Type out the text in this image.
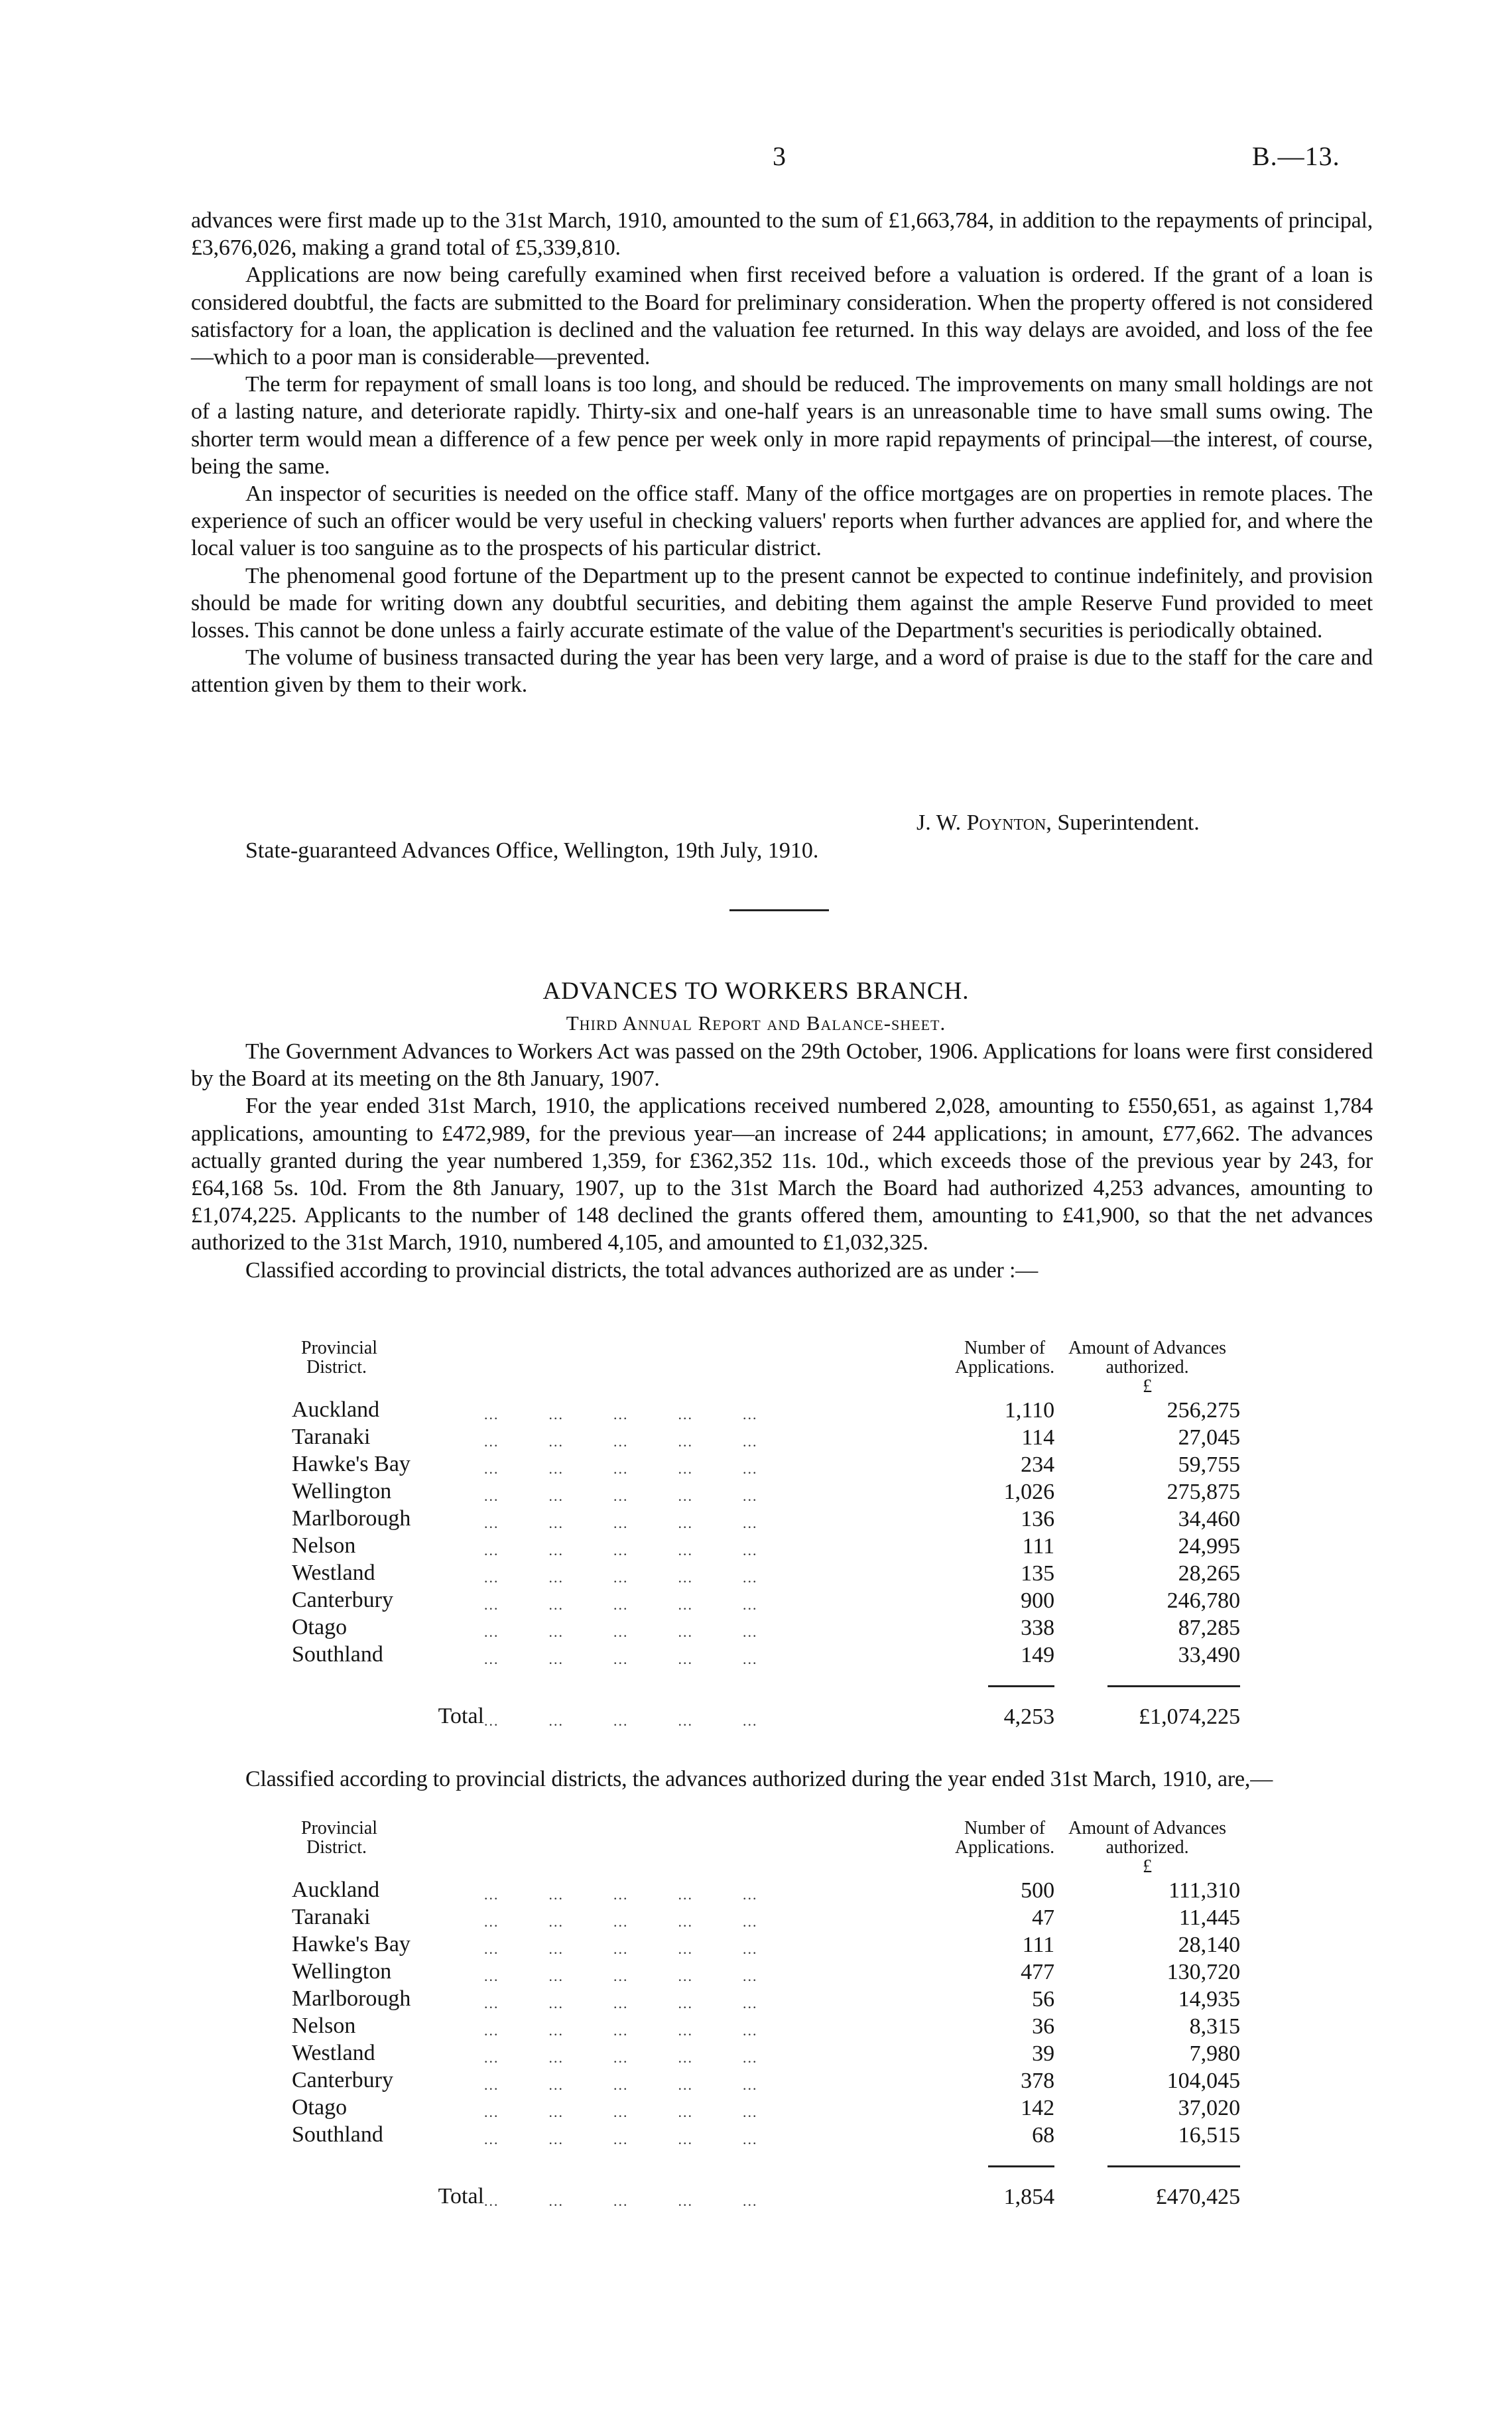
3	B.—13.

advances were first made up to the 31st March, 1910, amounted to the sum of £1,663,784, in addition to the repayments of principal, £3,676,026, making a grand total of £5,339,810.

Applications are now being carefully examined when first received before a valuation is ordered. If the grant of a loan is considered doubtful, the facts are submitted to the Board for preliminary consideration. When the property offered is not considered satisfactory for a loan, the application is declined and the valuation fee returned. In this way delays are avoided, and loss of the fee—which to a poor man is considerable—prevented.

The term for repayment of small loans is too long, and should be reduced. The improvements on many small holdings are not of a lasting nature, and deteriorate rapidly. Thirty-six and one-half years is an unreasonable time to have small sums owing. The shorter term would mean a difference of a few pence per week only in more rapid repayments of principal—the interest, of course, being the same.

An inspector of securities is needed on the office staff. Many of the office mortgages are on properties in remote places. The experience of such an officer would be very useful in checking valuers' reports when further advances are applied for, and where the local valuer is too sanguine as to the prospects of his particular district.

The phenomenal good fortune of the Department up to the present cannot be expected to continue indefinitely, and provision should be made for writing down any doubtful securities, and debiting them against the ample Reserve Fund provided to meet losses. This cannot be done unless a fairly accurate estimate of the value of the Department's securities is periodically obtained.

The volume of business transacted during the year has been very large, and a word of praise is due to the staff for the care and attention given by them to their work.

J. W. Poynton, Superintendent.
State-guaranteed Advances Office, Wellington, 19th July, 1910.
ADVANCES TO WORKERS BRANCH.
Third Annual Report and Balance-sheet.

The Government Advances to Workers Act was passed on the 29th October, 1906. Applications for loans were first considered by the Board at its meeting on the 8th January, 1907.

For the year ended 31st March, 1910, the applications received numbered 2,028, amounting to £550,651, as against 1,784 applications, amounting to £472,989, for the previous year—an increase of 244 applications; in amount, £77,662. The advances actually granted during the year numbered 1,359, for £362,352 11s. 10d., which exceeds those of the previous year by 243, for £64,168 5s. 10d. From the 8th January, 1907, up to the 31st March the Board had authorized 4,253 advances, amounting to £1,074,225. Applicants to the number of 148 declined the grants offered them, amounting to £41,900, so that the net advances authorized to the 31st March, 1910, numbered 4,105, and amounted to £1,032,325.

Classified according to provincial districts, the total advances authorized are as under :—

Provincial
District.

Number of
Applications.

Amount of Advances
authorized.
£

Auckland	...          ...          ...          ...          ...	1,110	256,275
Taranaki	...          ...          ...          ...          ...	114	27,045
Hawke's Bay	...          ...          ...          ...          ...	234	59,755
Wellington	...          ...          ...          ...          ...	1,026	275,875
Marlborough	...          ...          ...          ...          ...	136	34,460
Nelson	...          ...          ...          ...          ...	111	24,995
Westland	...          ...          ...          ...          ...	135	28,265
Canterbury	...          ...          ...          ...          ...	900	246,780
Otago	...          ...          ...          ...          ...	338	87,285
Southland	...          ...          ...          ...          ...	149	33,490

Total	...          ...          ...          ...          ...	4,253	£1,074,225

Classified according to provincial districts, the advances authorized during the year ended 31st March, 1910, are,—

Provincial
District.

Number of
Applications.

Amount of Advances
authorized.
£

Auckland	...          ...          ...          ...          ...	500	111,310
Taranaki	...          ...          ...          ...          ...	47	11,445
Hawke's Bay	...          ...          ...          ...          ...	111	28,140
Wellington	...          ...          ...          ...          ...	477	130,720
Marlborough	...          ...          ...          ...          ...	56	14,935
Nelson	...          ...          ...          ...          ...	36	8,315
Westland	...          ...          ...          ...          ...	39	7,980
Canterbury	...          ...          ...          ...          ...	378	104,045
Otago	...          ...          ...          ...          ...	142	37,020
Southland	...          ...          ...          ...          ...	68	16,515

Total	...          ...          ...          ...          ...	1,854	£470,425
